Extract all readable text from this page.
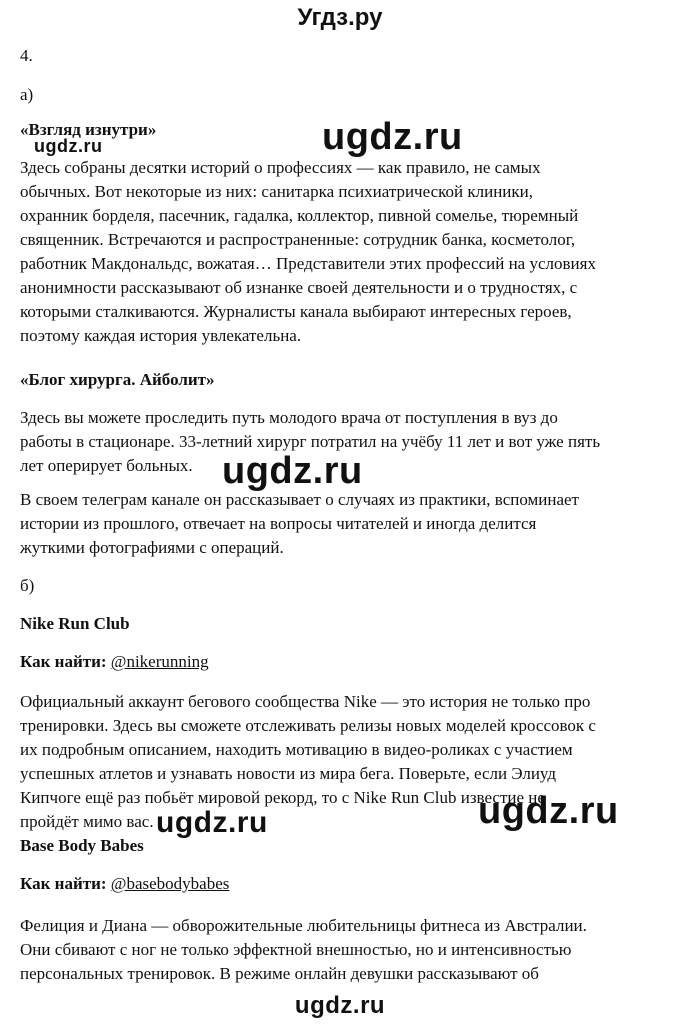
Угдз.ру
4.
а)
«Взгляд изнутри»
Здесь собраны десятки историй о профессиях — как правило, не самых
обычных. Вот некоторые из них: санитарка психиатрической клиники,
охранник борделя, пасечник, гадалка, коллектор, пивной сомелье, тюремный
священник. Встречаются и распространенные: сотрудник банка, косметолог,
работник Макдональдс, вожатая… Представители этих профессий на условиях
анонимности рассказывают об изнанке своей деятельности и о трудностях, с
которыми сталкиваются. Журналисты канала выбирают интересных героев,
поэтому каждая история увлекательна.
«Блог хирурга. Айболит»
Здесь вы можете проследить путь молодого врача от поступления в вуз до
работы в стационаре. 33-летний хирург потратил на учёбу 11 лет и вот уже пять
лет оперирует больных.
В своем телеграм канале он рассказывает о случаях из практики, вспоминает
истории из прошлого, отвечает на вопросы читателей и иногда делится
жуткими фотографиями с операций.
б)
Nike Run Club
Как найти: @nikerunning
Официальный аккаунт бегового сообщества Nike — это история не только про
тренировки. Здесь вы сможете отслеживать релизы новых моделей кроссовок с
их подробным описанием, находить мотивацию в видео-роликах с участием
успешных атлетов и узнавать новости из мира бега. Поверьте, если Элиуд
Кипчоге ещё раз побьёт мировой рекорд, то с Nike Run Club известие не
пройдёт мимо вас.
Base Body Babes
Как найти: @basebodybabes
Фелиция и Диана — обворожительные любительницы фитнеса из Австралии.
Они сбивают с ног не только эффектной внешностью, но и интенсивностью
персональных тренировок. В режиме онлайн девушки рассказывают об
ugdz.ru
ugdz.ru
ugdz.ru
ugdz.ru
ugdz.ru
ugdz.ru
